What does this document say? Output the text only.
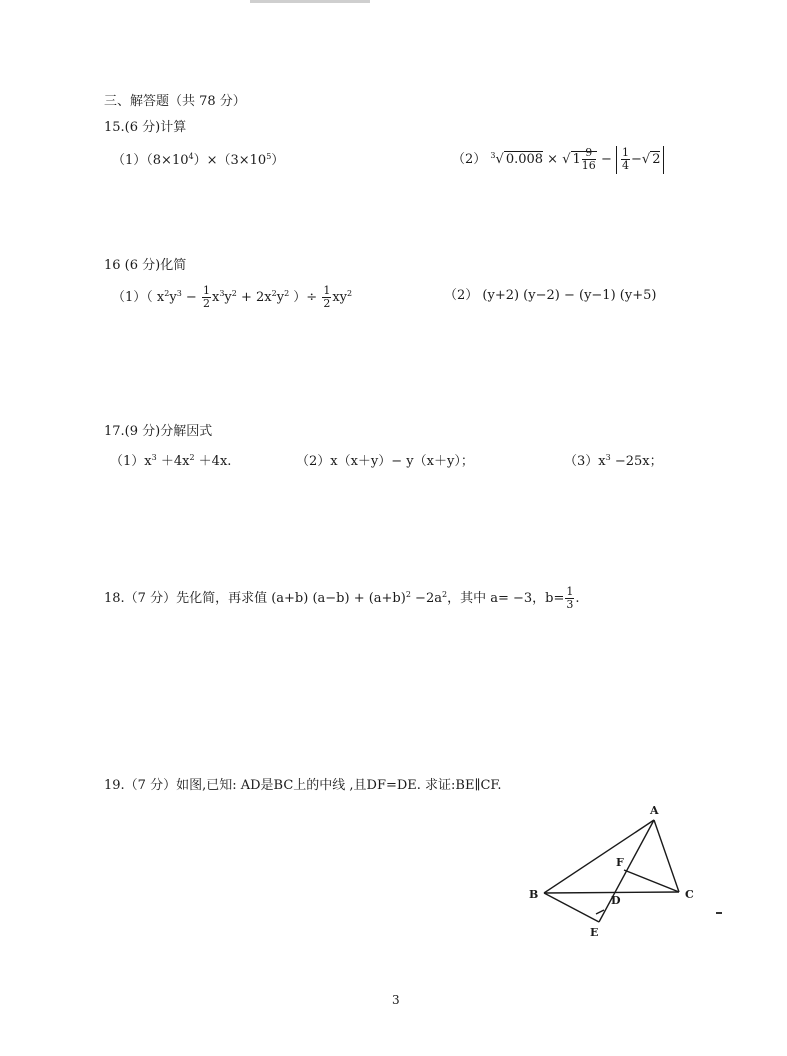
三、解答题（共 78 分）
15.(6 分)计算
$(1)(8\times 10^4)\times(3\times 10^5)$	（2） $^3$√ 0.008 × √ $1 \frac{9}{16} - \frac{1}{4}$ −√ 2
16 (6 分)化简
（1）（ $x^2y^3 - \frac{1}{2} x^3y^2 + 2x^2y^2$ ）÷ $\frac{1}{2} xy^2$	（2） (y+2) (y−2) − (y−1) (y+5)
17.(9 分)分解因式
$(1)x^3 +4x^2 +4x$.	（2）x（x＋y）− y（x＋y）；	$(3)x^3 -25x$；
18.（7 分）先化简，再求值 (a+b) $(a-b) + (a+b)^2 -2a^2$，其中 a= −3，$b= \frac{1}{3}$ .
19.（7 分）如图,已知: AD是BC上的中线 ,且DF=DE. 求证:BE∥CF.
A
B	C
D
E
F
3
